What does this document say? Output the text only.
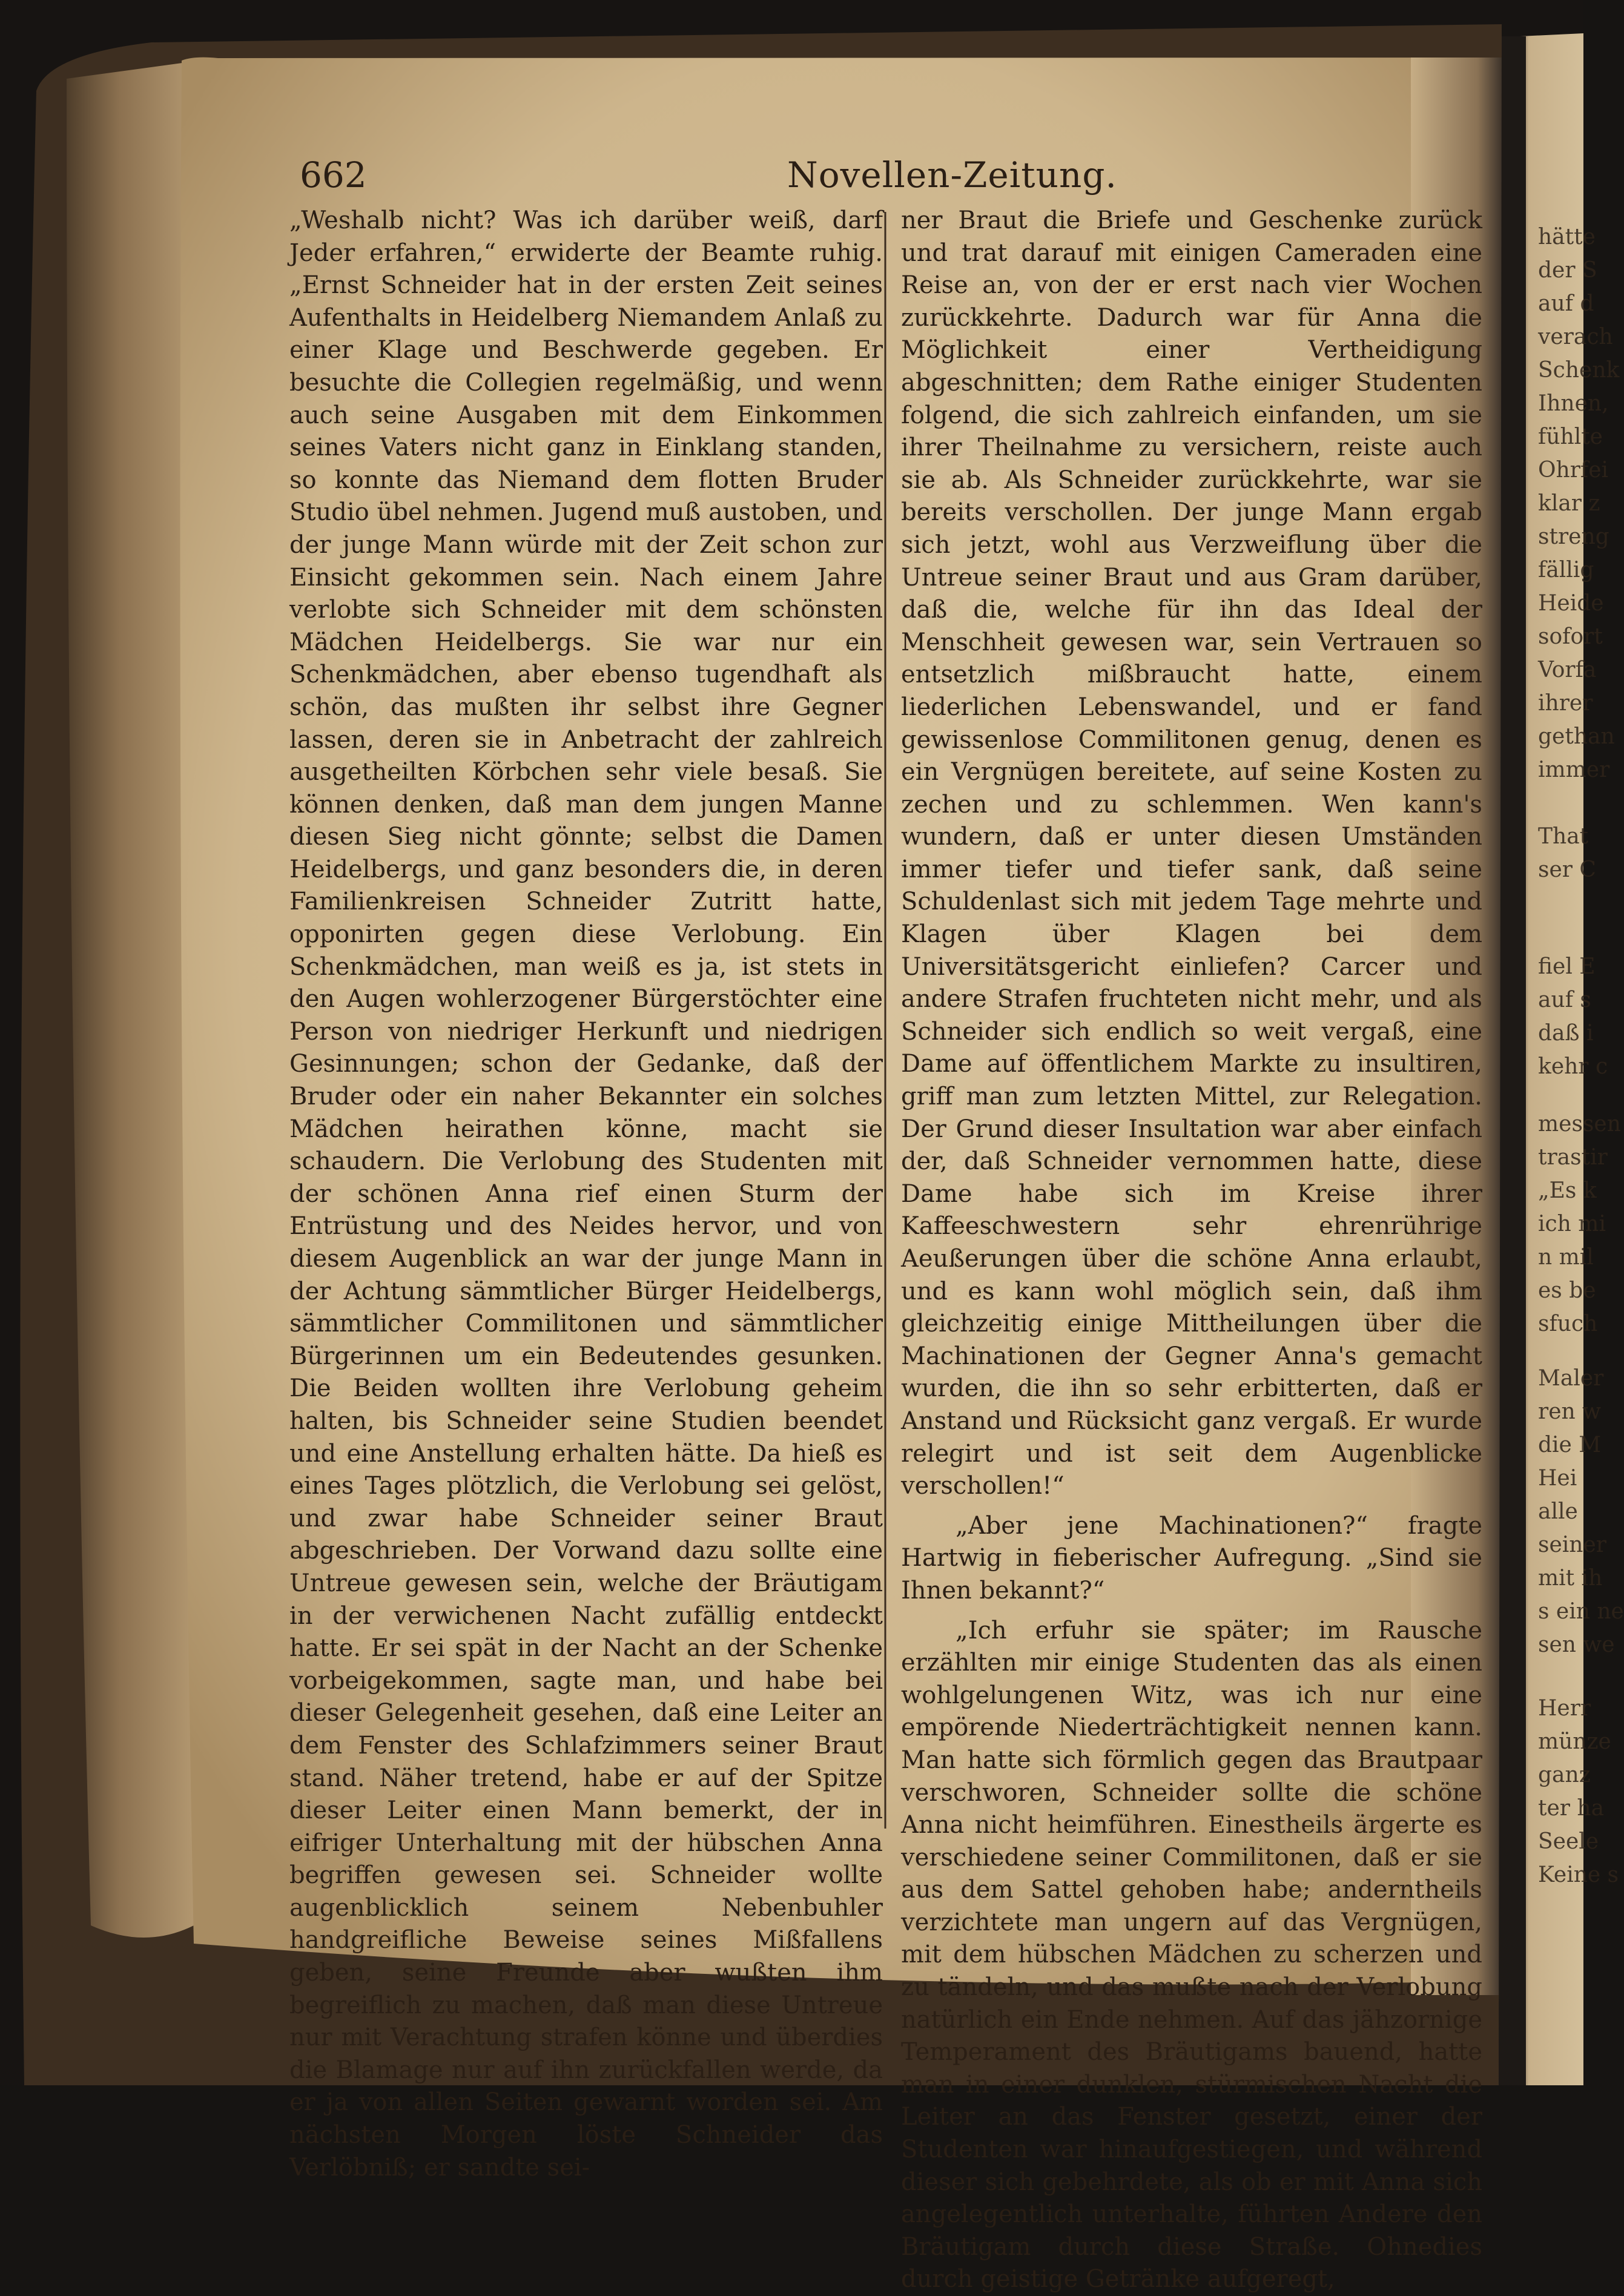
662	Novellen-Zeitung.

„Weshalb nicht? Was ich darüber weiß, darf Jeder erfahren,“ erwiderte der Beamte ruhig. „Ernst Schneider hat in der ersten Zeit seines Aufenthalts in Heidelberg Niemandem Anlaß zu einer Klage und Beschwerde gegeben. Er besuchte die Collegien regelmäßig, und wenn auch seine Ausgaben mit dem Einkommen seines Vaters nicht ganz in Einklang standen, so konnte das Niemand dem flotten Bruder Studio übel nehmen. Jugend muß austoben, und der junge Mann würde mit der Zeit schon zur Einsicht gekommen sein. Nach einem Jahre verlobte sich Schneider mit dem schönsten Mädchen Heidelbergs. Sie war nur ein Schenkmädchen, aber ebenso tugendhaft als schön, das mußten ihr selbst ihre Gegner lassen, deren sie in Anbetracht der zahlreich ausgetheilten Körbchen sehr viele besaß. Sie können denken, daß man dem jungen Manne diesen Sieg nicht gönnte; selbst die Damen Heidelbergs, und ganz besonders die, in deren Familienkreisen Schneider Zutritt hatte, opponirten gegen diese Verlobung. Ein Schenkmädchen, man weiß es ja, ist stets in den Augen wohlerzogener Bürgerstöchter eine Person von niedriger Herkunft und niedrigen Gesinnungen; schon der Gedanke, daß der Bruder oder ein naher Bekannter ein solches Mädchen heirathen könne, macht sie schaudern. Die Verlobung des Studenten mit der schönen Anna rief einen Sturm der Entrüstung und des Neides hervor, und von diesem Augenblick an war der junge Mann in der Achtung sämmtlicher Bürger Heidelbergs, sämmtlicher Commilitonen und sämmtlicher Bürgerinnen um ein Bedeutendes gesunken. Die Beiden wollten ihre Verlobung geheim halten, bis Schneider seine Studien beendet und eine Anstellung erhalten hätte. Da hieß es eines Tages plötzlich, die Verlobung sei gelöst, und zwar habe Schneider seiner Braut abgeschrieben. Der Vorwand dazu sollte eine Untreue gewesen sein, welche der Bräutigam in der verwichenen Nacht zufällig entdeckt hatte. Er sei spät in der Nacht an der Schenke vorbeigekommen, sagte man, und habe bei dieser Gelegenheit gesehen, daß eine Leiter an dem Fenster des Schlafzimmers seiner Braut stand. Näher tretend, habe er auf der Spitze dieser Leiter einen Mann bemerkt, der in eifriger Unterhaltung mit der hübschen Anna begriffen gewesen sei. Schneider wollte augenblicklich seinem Nebenbuhler handgreifliche Beweise seines Mißfallens geben, seine Freunde aber wußten ihm begreiflich zu machen, daß man diese Untreue nur mit Verachtung strafen könne und überdies die Blamage nur auf ihn zurückfallen werde, da er ja von allen Seiten gewarnt worden sei. Am nächsten Morgen löste Schneider das Verlöbniß; er sandte sei-

ner Braut die Briefe und Geschenke zurück und trat darauf mit einigen Cameraden eine Reise an, von der er erst nach vier Wochen zurückkehrte. Dadurch war für Anna die Möglichkeit einer Vertheidigung abgeschnitten; dem Rathe einiger Studenten folgend, die sich zahlreich einfanden, um sie ihrer Theilnahme zu versichern, reiste auch sie ab. Als Schneider zurückkehrte, war sie bereits verschollen. Der junge Mann ergab sich jetzt, wohl aus Verzweiflung über die Untreue seiner Braut und aus Gram darüber, daß die, welche für ihn das Ideal der Menschheit gewesen war, sein Vertrauen so entsetzlich mißbraucht hatte, einem liederlichen Lebenswandel, und er fand gewissenlose Commilitonen genug, denen es ein Vergnügen bereitete, auf seine Kosten zu zechen und zu schlemmen. Wen kann's wundern, daß er unter diesen Umständen immer tiefer und tiefer sank, daß seine Schuldenlast sich mit jedem Tage mehrte und Klagen über Klagen bei dem Universitätsgericht einliefen? Carcer und andere Strafen fruchteten nicht mehr, und als Schneider sich endlich so weit vergaß, eine Dame auf öffentlichem Markte zu insultiren, griff man zum letzten Mittel, zur Relegation. Der Grund dieser Insultation war aber einfach der, daß Schneider vernommen hatte, diese Dame habe sich im Kreise ihrer Kaffeeschwestern sehr ehrenrührige Aeußerungen über die schöne Anna erlaubt, und es kann wohl möglich sein, daß ihm gleichzeitig einige Mittheilungen über die Machinationen der Gegner Anna's gemacht wurden, die ihn so sehr erbitterten, daß er Anstand und Rücksicht ganz vergaß. Er wurde relegirt und ist seit dem Augenblicke verschollen!“

„Aber jene Machinationen?“ fragte Hartwig in fieberischer Aufregung. „Sind sie Ihnen bekannt?“

„Ich erfuhr sie später; im Rausche erzählten mir einige Studenten das als einen wohlgelungenen Witz, was ich nur eine empörende Niederträchtigkeit nennen kann. Man hatte sich förmlich gegen das Brautpaar verschworen, Schneider sollte die schöne Anna nicht heimführen. Einestheils ärgerte es verschiedene seiner Commilitonen, daß er sie aus dem Sattel gehoben habe; anderntheils verzichtete man ungern auf das Vergnügen, mit dem hübschen Mädchen zu scherzen und zu tändeln, und das mußte nach der Verlobung natürlich ein Ende nehmen. Auf das jähzornige Temperament des Bräutigams bauend, hatte man in einer dunklen, stürmischen Nacht die Leiter an das Fenster gesetzt, einer der Studenten war hinaufgestiegen, und während dieser sich gebehrdete, als ob er mit Anna sich angelegentlich unterhalte, führten Andere den Bräutigam durch diese Straße. Ohnedies durch geistige Getränke aufgeregt,

hätte
der S
auf d
verach
Schenk
Ihnen,
fühlte
Ohrfei
klar z
streng
fällig
Heide
sofort
Vorfa
ihrer
gethan
immer
That
ser C
fiel E
auf s
daß i
kehr c
messen
trastir
„Es k
ich mi
n mil
es be
sfuch
Maler
ren w
die M
Hei
alle
seiner
mit ih
s ein ne
sen we
Herr
münze
ganz
ter ha
Seele
Keine s
